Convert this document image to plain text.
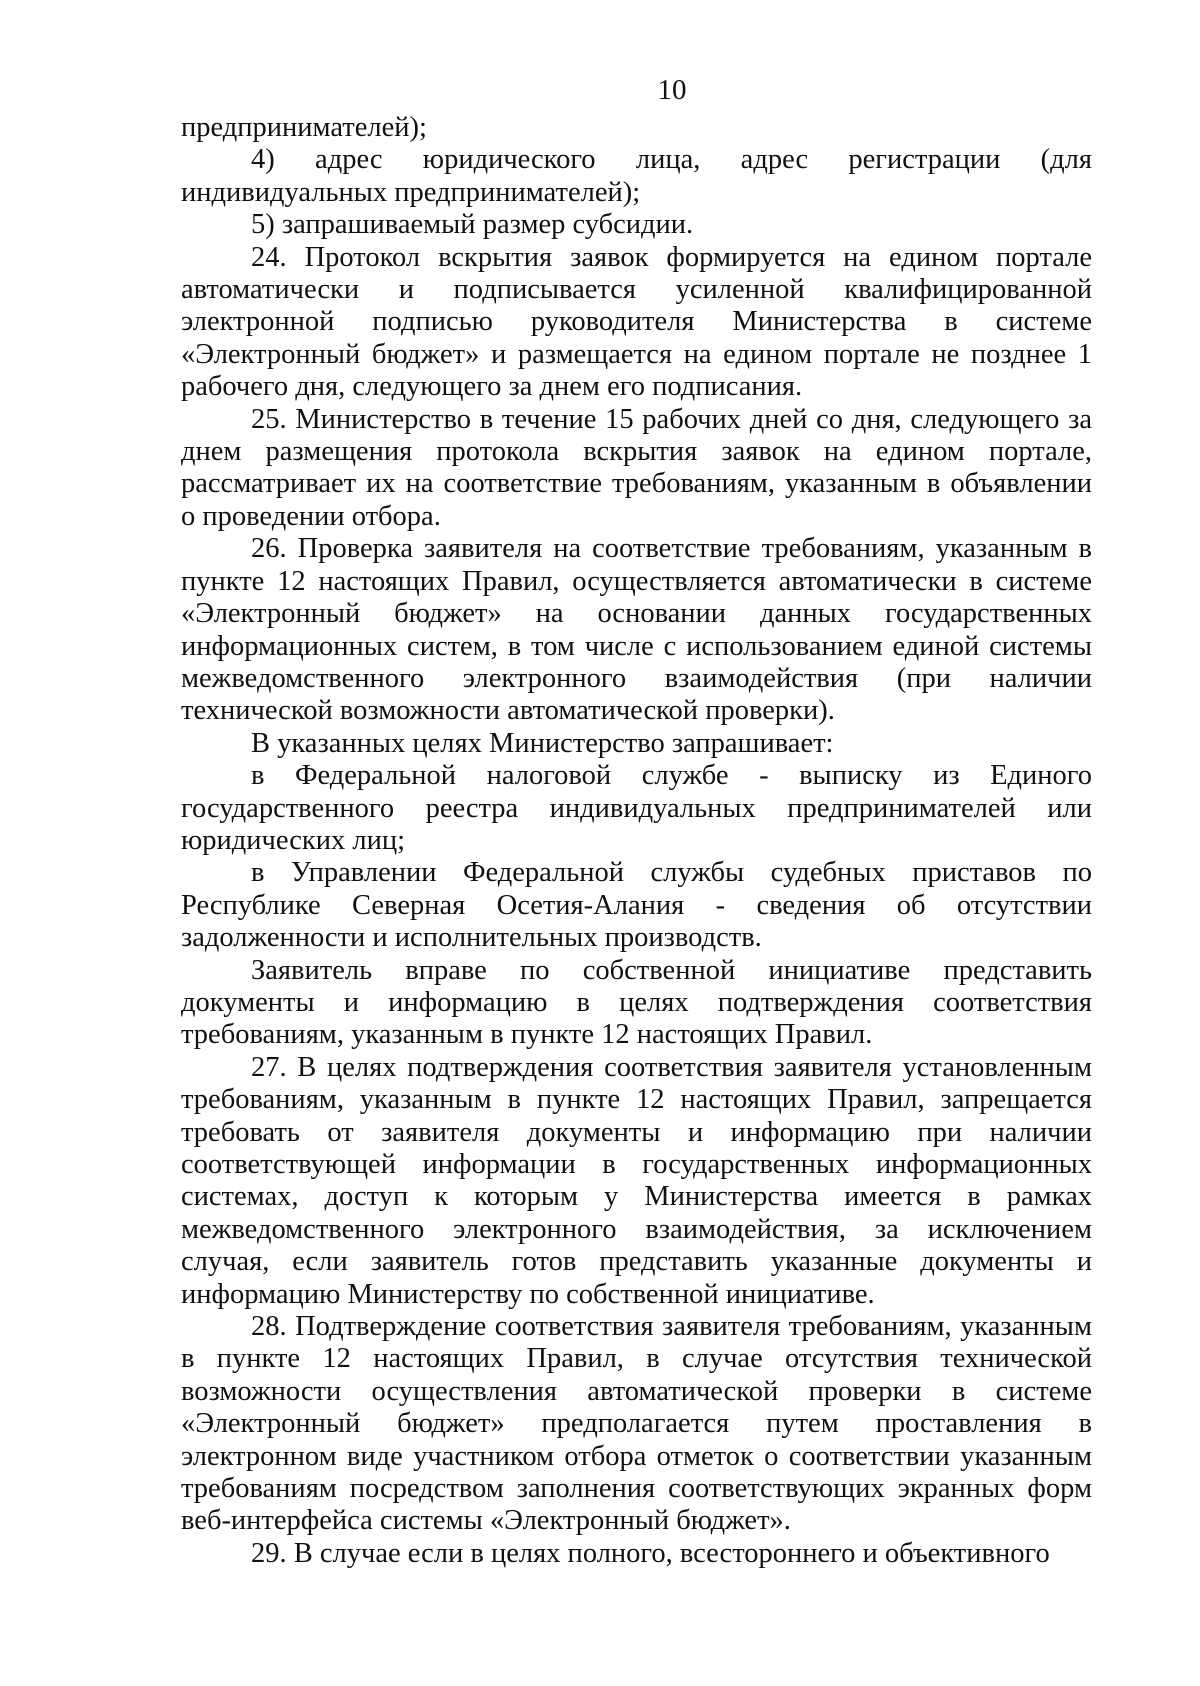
10

предпринимателей);

4) адрес юридического лица, адрес регистрации (для индивидуальных предпринимателей);

5) запрашиваемый размер субсидии.

24. Протокол вскрытия заявок формируется на едином портале автоматически и подписывается усиленной квалифицированной электронной подписью руководителя Министерства в системе «Электронный бюджет» и размещается на едином портале не позднее 1 рабочего дня, следующего за днем его подписания.

25. Министерство в течение 15 рабочих дней со дня, следующего за днем размещения протокола вскрытия заявок на едином портале, рассматривает их на соответствие требованиям, указанным в объявлении о проведении отбора.

26. Проверка заявителя на соответствие требованиям, указанным в пункте 12 настоящих Правил, осуществляется автоматически в системе «Электронный бюджет» на основании данных государственных информационных систем, в том числе с использованием единой системы межведомственного электронного взаимодействия (при наличии технической возможности автоматической проверки).

В указанных целях Министерство запрашивает:

в Федеральной налоговой службе - выписку из Единого государственного реестра индивидуальных предпринимателей или юридических лиц;

в Управлении Федеральной службы судебных приставов по Республике Северная Осетия-Алания - сведения об отсутствии задолженности и исполнительных производств.

Заявитель вправе по собственной инициативе представить документы и информацию в целях подтверждения соответствия требованиям, указанным в пункте 12 настоящих Правил.

27. В целях подтверждения соответствия заявителя установленным требованиям, указанным в пункте 12 настоящих Правил, запрещается требовать от заявителя документы и информацию при наличии соответствующей информации в государственных информационных системах, доступ к которым у Министерства имеется в рамках межведомственного электронного взаимодействия, за исключением случая, если заявитель готов представить указанные документы и информацию Министерству по собственной инициативе.

28. Подтверждение соответствия заявителя требованиям, указанным в пункте 12 настоящих Правил, в случае отсутствия технической возможности осуществления автоматической проверки в системе «Электронный бюджет» предполагается путем проставления в электронном виде участником отбора отметок о соответствии указанным требованиям посредством заполнения соответствующих экранных форм веб-интерфейса системы «Электронный бюджет».

29. В случае если в целях полного, всестороннего и объективного
